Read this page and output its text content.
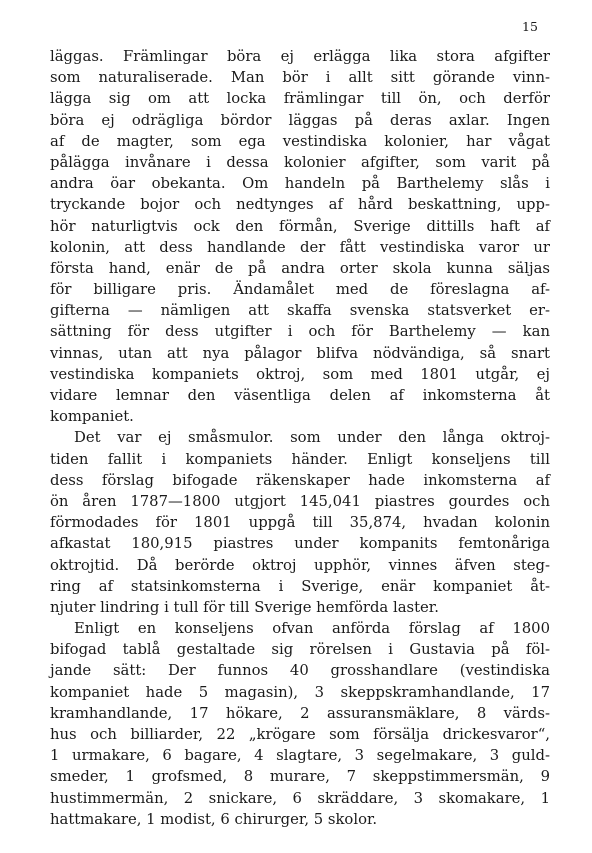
15
läggas. Främlingar böra ej erlägga lika stora afgifter
som naturaliserade. Man bör i allt sitt görande vinn-
lägga sig om att locka främlingar till ön, och derför
böra ej odrägliga bördor läggas på deras axlar. Ingen
af de magter, som ega vestindiska kolonier, har vågat
pålägga invånare i dessa kolonier afgifter, som varit på
andra öar obekanta. Om handeln på Barthelemy slås i
tryckande bojor och nedtynges af hård beskattning, upp-
hör naturligtvis ock den förmån, Sverige dittills haft af
kolonin, att dess handlande der fått vestindiska varor ur
första hand, enär de på andra orter skola kunna säljas
för billigare pris. Ändamålet med de föreslagna af-
gifterna — nämligen att skaffa svenska statsverket er-
sättning för dess utgifter i och för Barthelemy — kan
vinnas, utan att nya pålagor blifva nödvändiga, så snart
vestindiska kompaniets oktroj, som med 1801 utgår, ej
vidare lemnar den väsentliga delen af inkomsterna åt
kompaniet.
Det var ej småsmulor. som under den långa oktroj-
tiden fallit i kompaniets händer. Enligt konseljens till
dess förslag bifogade räkenskaper hade inkomsterna af
ön åren 1787—1800 utgjort 145,041 piastres gourdes och
förmodades för 1801 uppgå till 35,874, hvadan kolonin
afkastat 180,915 piastres under kompanits femtonåriga
oktrojtid. Då berörde oktroj upphör, vinnes äfven steg-
ring af statsinkomsterna i Sverige, enär kompaniet åt-
njuter lindring i tull för till Sverige hemförda laster.
Enligt en konseljens ofvan anförda förslag af 1800
bifogad tablå gestaltade sig rörelsen i Gustavia på föl-
jande sätt: Der funnos 40 grosshandlare (vestindiska
kompaniet hade 5 magasin), 3 skeppskramhandlande, 17
kramhandlande, 17 hökare, 2 assuransmäklare, 8 värds-
hus och billiarder, 22 „krögare som försälja drickesvaror“,
1 urmakare, 6 bagare, 4 slagtare, 3 segelmakare, 3 guld-
smeder, 1 grofsmed, 8 murare, 7 skeppstimmersmän, 9
hustimmermän, 2 snickare, 6 skräddare, 3 skomakare, 1
hattmakare, 1 modist, 6 chirurger, 5 skolor.
